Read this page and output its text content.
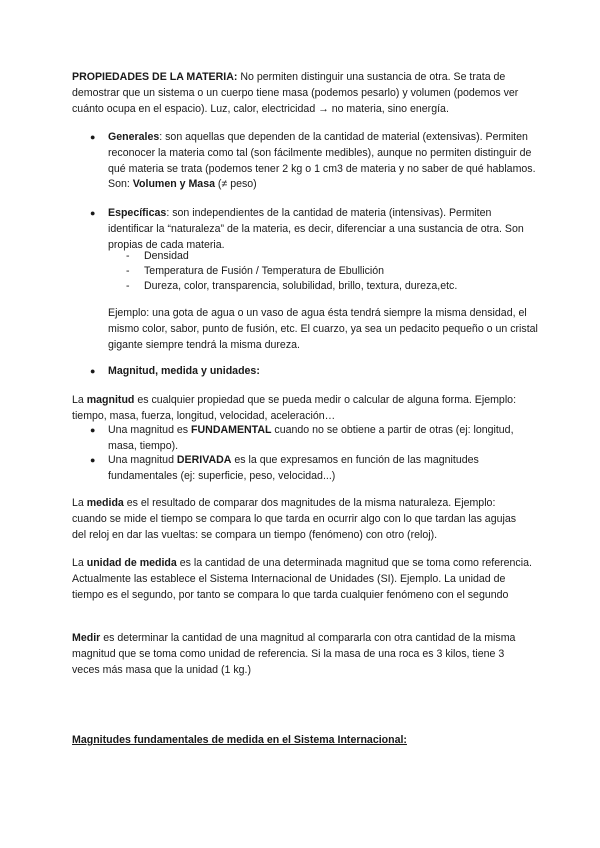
PROPIEDADES DE LA MATERIA: No permiten distinguir una sustancia de otra. Se trata de demostrar que un sistema o un cuerpo tiene masa (podemos pesarlo) y volumen (podemos ver cuánto ocupa en el espacio). Luz, calor, electricidad → no materia, sino energía.

●	Generales: son aquellas que dependen de la cantidad de material (extensivas). Permiten reconocer la materia como tal (son fácilmente medibles), aunque no permiten distinguir de qué materia se trata (podemos tener 2 kg o 1 cm3 de materia y no saber de qué hablamos. Son: Volumen y Masa (≠ peso)

●	Específicas: son independientes de la cantidad de materia (intensivas). Permiten identificar la “naturaleza” de la materia, es decir, diferenciar a una sustancia de otra. Son propias de cada materia.

-	Densidad
-	Temperatura de Fusión / Temperatura de Ebullición
-	Dureza, color, transparencia, solubilidad, brillo, textura, dureza,etc.

Ejemplo: una gota de agua o un vaso de agua ésta tendrá siempre la misma densidad, el mismo color, sabor, punto de fusión, etc. El cuarzo, ya sea un pedacito pequeño o un cristal gigante siempre tendrá la misma dureza.

●	Magnitud, medida y unidades:

La magnitud es cualquier propiedad que se pueda medir o calcular de alguna forma. Ejemplo: tiempo, masa, fuerza, longitud, velocidad, aceleración…

●	Una magnitud es FUNDAMENTAL cuando no se obtiene a partir de otras (ej: longitud, masa, tiempo).

●	Una magnitud DERIVADA es la que expresamos en función de las magnitudes fundamentales (ej: superficie, peso, velocidad...)

La medida es el resultado de comparar dos magnitudes de la misma naturaleza. Ejemplo: cuando se mide el tiempo se compara lo que tarda en ocurrir algo con lo que tardan las agujas del reloj en dar las vueltas: se compara un tiempo (fenómeno) con otro (reloj).

La unidad de medida es la cantidad de una determinada magnitud que se toma como referencia. Actualmente las establece el Sistema Internacional de Unidades (SI). Ejemplo. La unidad de tiempo es el segundo, por tanto se compara lo que tarda cualquier fenómeno con el segundo

Medir es determinar la cantidad de una magnitud al compararla con otra cantidad de la misma magnitud que se toma como unidad de referencia. Si la masa de una roca es 3 kilos, tiene 3 veces más masa que la unidad (1 kg.)

Magnitudes fundamentales de medida en el Sistema Internacional:
